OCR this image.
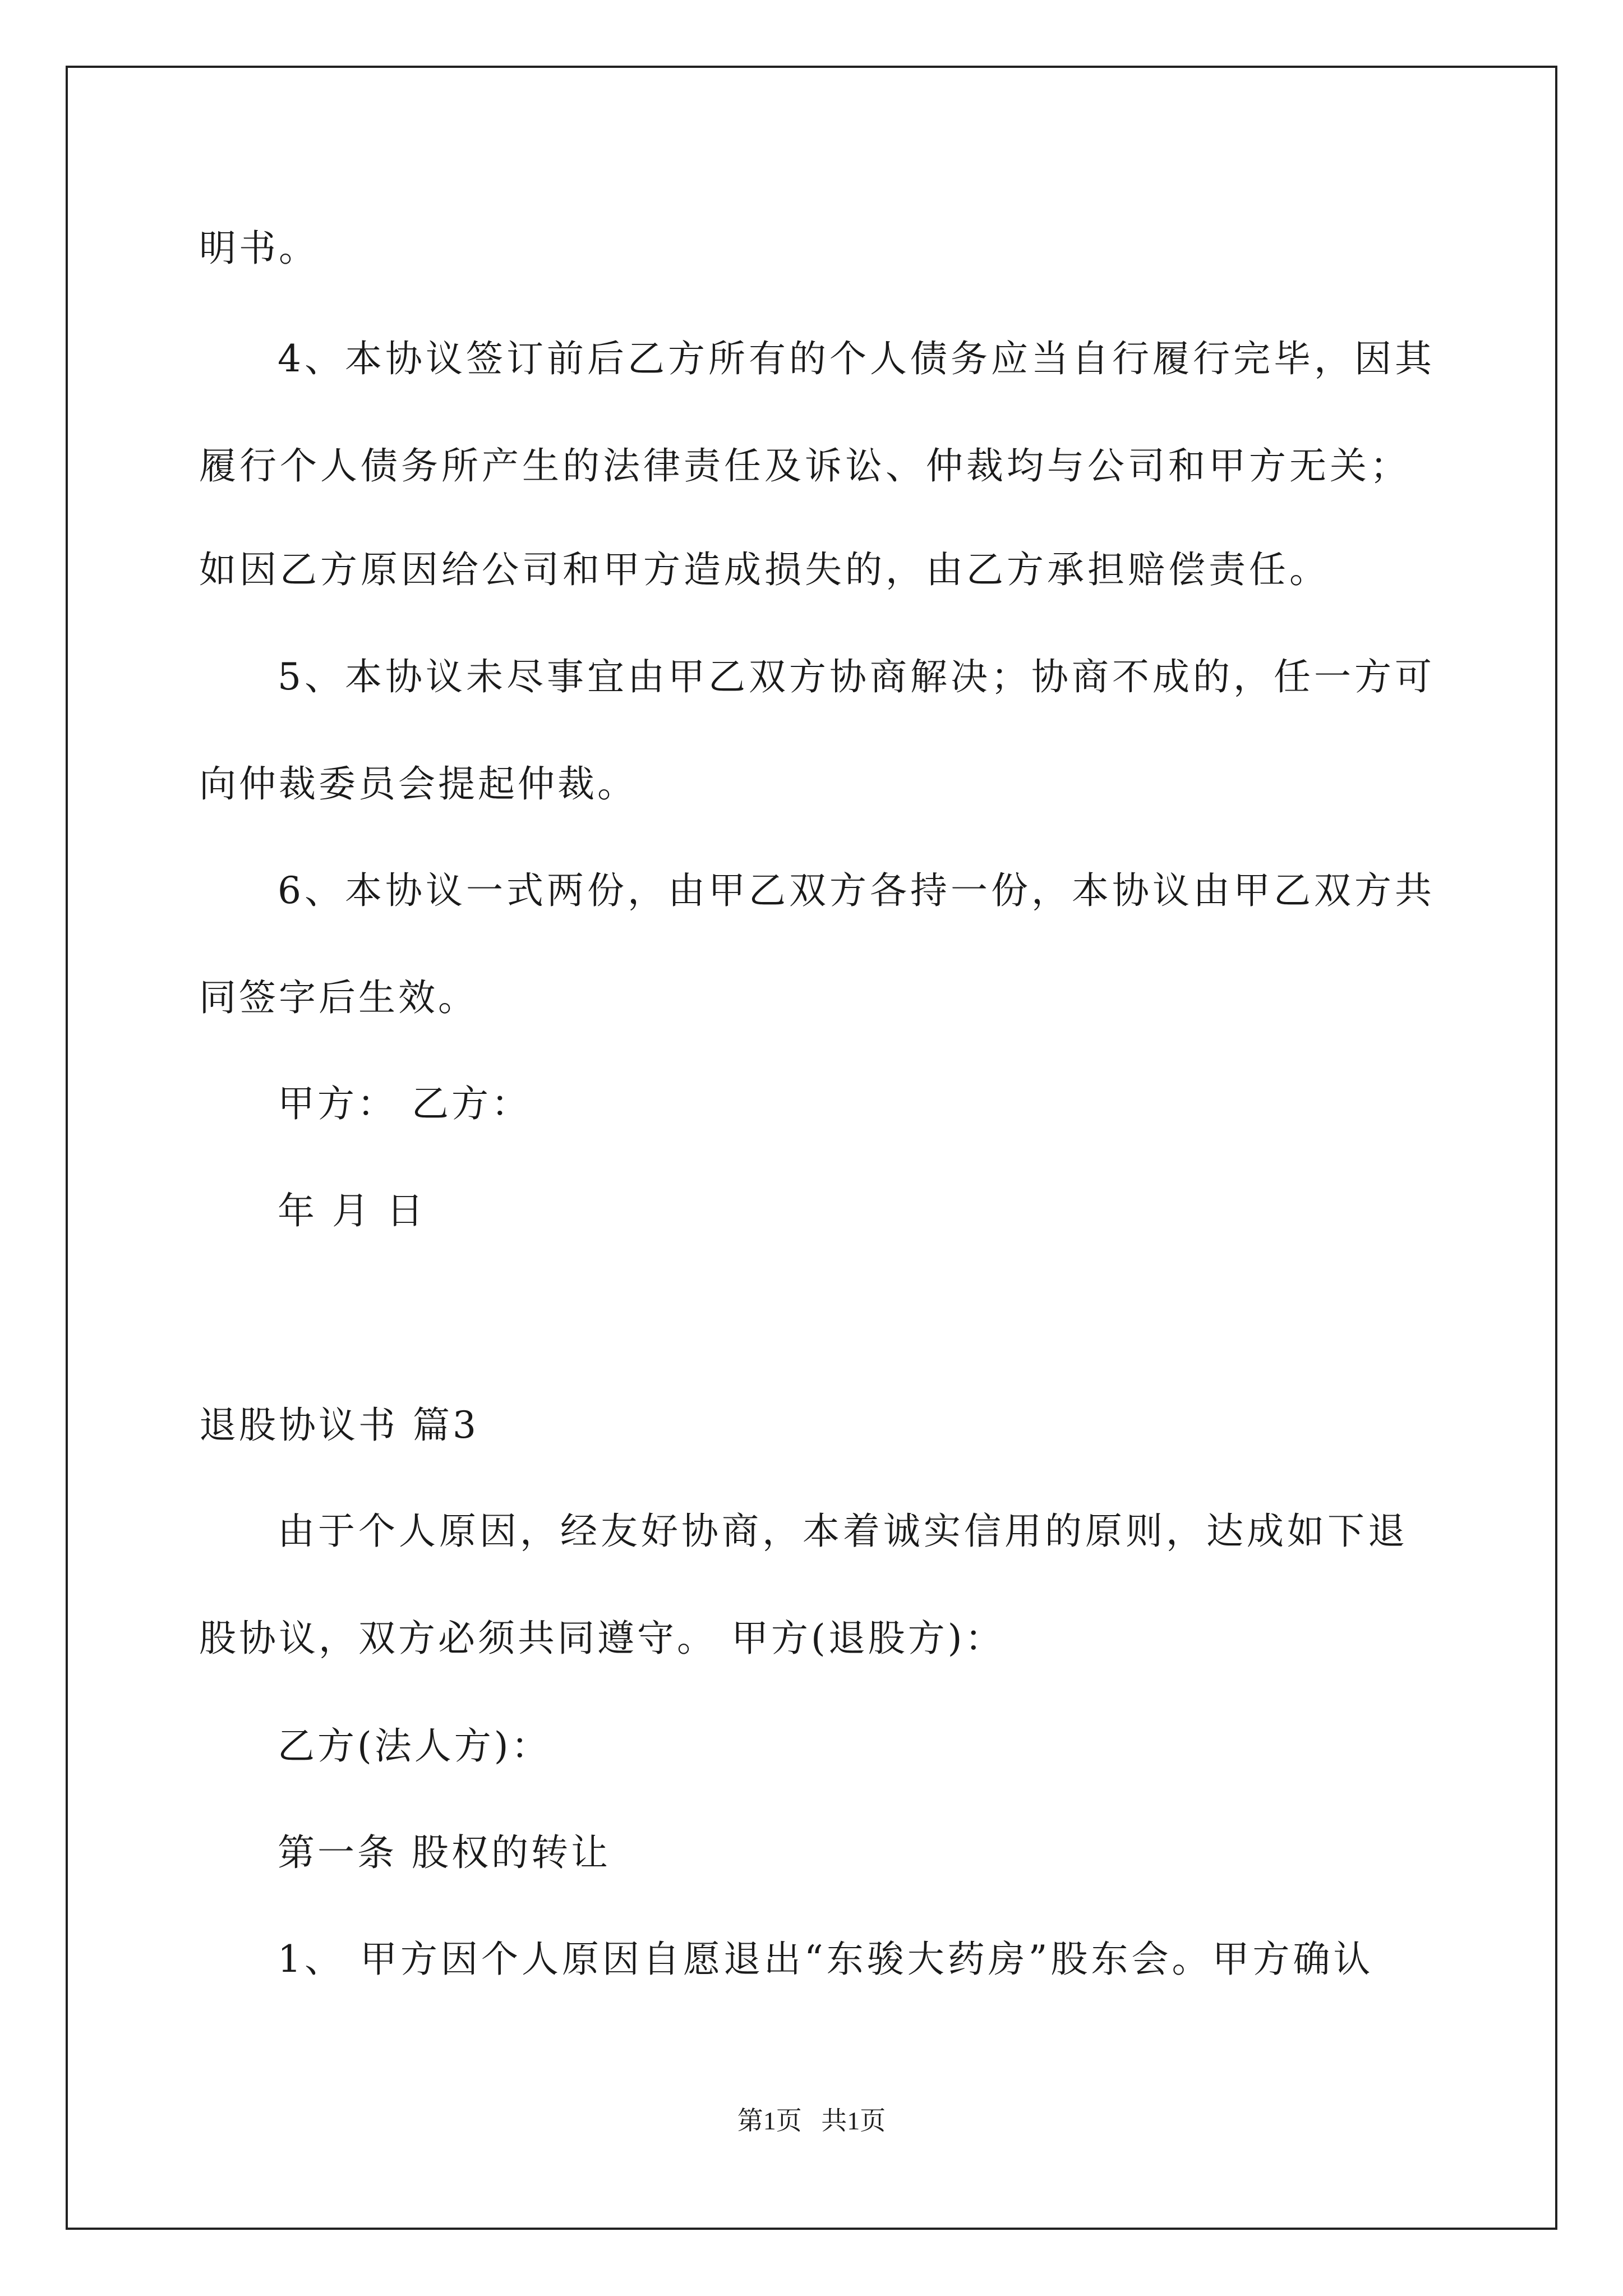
明书。
4、本协议签订前后乙方所有的个人债务应当自行履行完毕，因其
履行个人债务所产生的法律责任及诉讼、仲裁均与公司和甲方无关；
如因乙方原因给公司和甲方造成损失的，由乙方承担赔偿责任。
5、本协议未尽事宜由甲乙双方协商解决；协商不成的，任一方可
向仲裁委员会提起仲裁。
6、本协议一式两份，由甲乙双方各持一份，本协议由甲乙双方共
同签字后生效。
甲方： 乙方：
年 月 日
退股协议书 篇3
由于个人原因，经友好协商，本着诚实信用的原则，达成如下退
股协议，双方必须共同遵守。 甲方(退股方)：
乙方(法人方)：
第一条 股权的转让
1、 甲方因个人原因自愿退出“东骏大药房”股东会。甲方确认
第1页   共1页
